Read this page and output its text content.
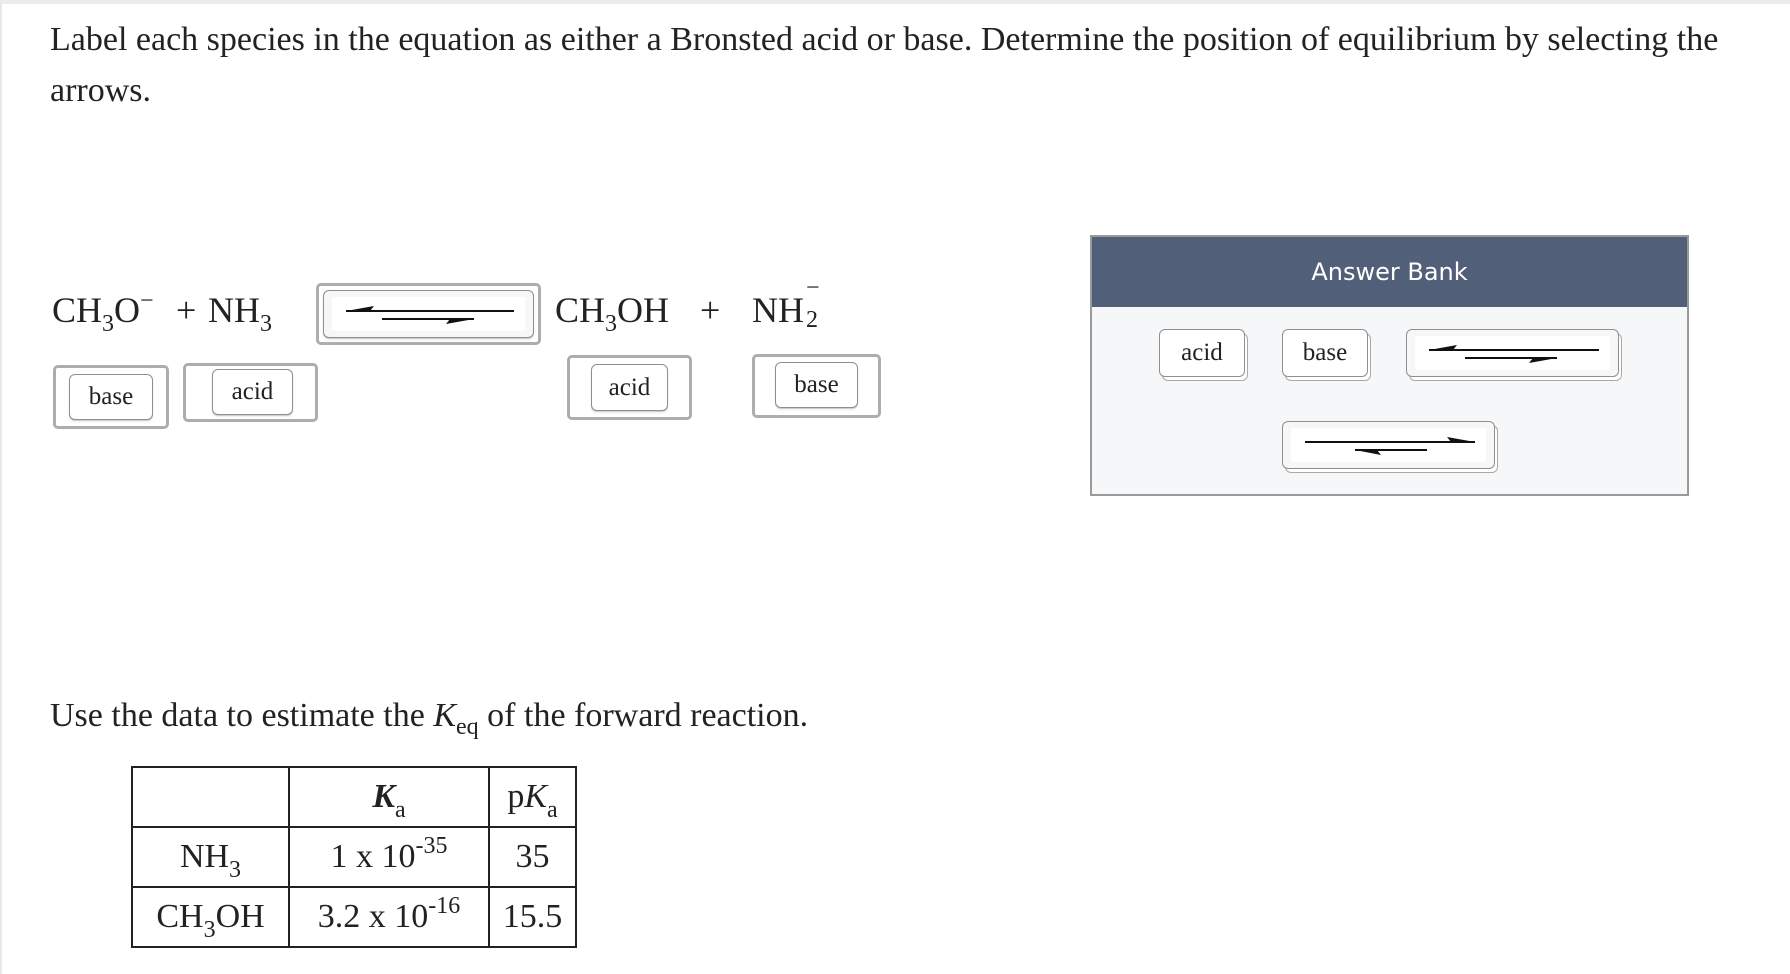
Label each species in the equation as either a Bronsted acid or base. Determine the position of equilibrium by selecting the arrows.

$CH_3O^- + NH_3$	$CH_3OH$ + NH
−
2
base	acid	acid	base
Answer Bank
acid	base

Use the data to estimate the $K_{eq}$ of the forward reaction.

	$K_a$	$pK_a$
$NH_3$	1 x $10^{-35}$	35
$CH_3OH$	3.2 x $10^{-16}$	15.5
